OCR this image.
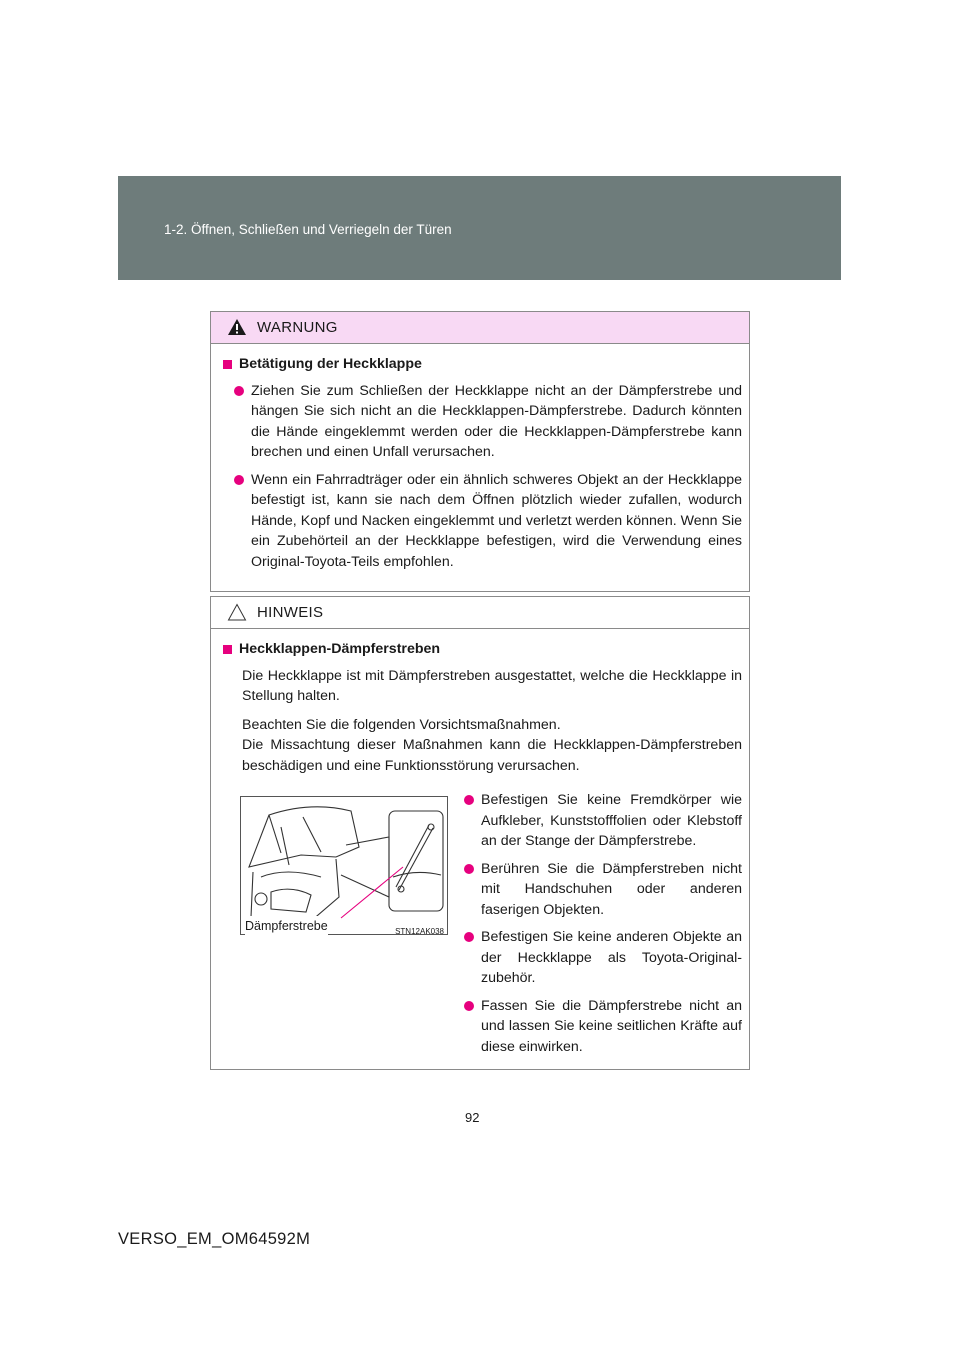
1-2. Öffnen, Schließen und Verriegeln der Türen
WARNUNG
Betätigung der Heckklappe
Ziehen Sie zum Schließen der Heckklappe nicht an der Dämpferstrebe und hängen Sie sich nicht an die Heckklappen-Dämpferstrebe. Dadurch könnten die Hände eingeklemmt werden oder die Heckklappen-Dämpferstrebe kann brechen und einen Unfall verursachen.
Wenn ein Fahrradträger oder ein ähnlich schweres Objekt an der Heckklappe befestigt ist, kann sie nach dem Öffnen plötzlich wieder zufallen, wodurch Hände, Kopf und Nacken eingeklemmt und verletzt werden können. Wenn Sie ein Zubehörteil an der Heckklappe befestigen, wird die Verwendung eines Original-Toyota-Teils empfohlen.
HINWEIS
Heckklappen-Dämpferstreben
Die Heckklappe ist mit Dämpferstreben ausgestattet, welche die Heckklappe in Stellung halten.
Beachten Sie die folgenden Vorsichtsmaßnahmen.
Die Missachtung dieser Maßnahmen kann die Heckklappen-Dämpferstreben beschädigen und eine Funktionsstörung verursachen.
Dämpferstrebe	STN12AK038
Befestigen Sie keine Fremdkörper wie Aufkleber, Kunststofffolien oder Klebstoff an der Stange der Dämpferstrebe.
Berühren Sie die Dämpferstreben nicht mit Handschuhen oder anderen faserigen Objekten.
Befestigen Sie keine anderen Objekte an der Heckklappe als Toyota-Original-zubehör.
Fassen Sie die Dämpferstrebe nicht an und lassen Sie keine seitlichen Kräfte auf diese einwirken.
92
VERSO_EM_OM64592M
